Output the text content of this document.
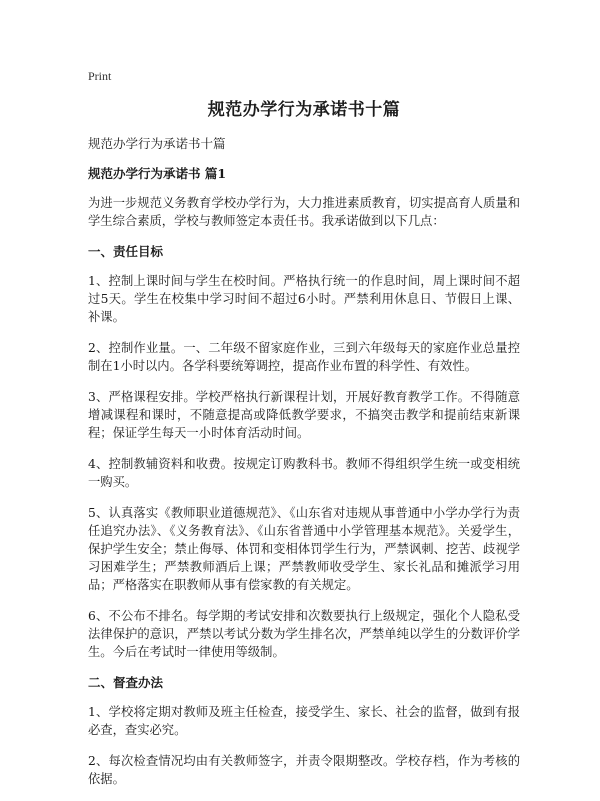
Print
规范办学行为承诺书十篇
规范办学行为承诺书十篇
规范办学行为承诺书 篇1

为进一步规范义务教育学校办学行为，大力推进素质教育，切实提高育人质量和学生综合素质，学校与教师签定本责任书。我承诺做到以下几点：

一、责任目标

1、控制上课时间与学生在校时间。严格执行统一的作息时间，周上课时间不超过5天。学生在校集中学习时间不超过6小时。严禁利用休息日、节假日上课、补课。

2、控制作业量。一、二年级不留家庭作业，三到六年级每天的家庭作业总量控制在1小时以内。各学科要统筹调控，提高作业布置的科学性、有效性。

3、严格课程安排。学校严格执行新课程计划，开展好教育教学工作。不得随意增减课程和课时，不随意提高或降低教学要求，不搞突击教学和提前结束新课程；保证学生每天一小时体育活动时间。

4、控制教辅资料和收费。按规定订购教科书。教师不得组织学生统一或变相统一购买。

5、认真落实《教师职业道德规范》、《山东省对违规从事普通中小学办学行为责任追究办法》、《义务教育法》、《山东省普通中小学管理基本规范》。关爱学生，保护学生安全；禁止侮辱、体罚和变相体罚学生行为，严禁讽刺、挖苦、歧视学习困难学生；严禁教师酒后上课；严禁教师收受学生、家长礼品和摊派学习用品；严格落实在职教师从事有偿家教的有关规定。

6、不公布不排名。每学期的考试安排和次数要执行上级规定，强化个人隐私受法律保护的意识，严禁以考试分数为学生排名次，严禁单纯以学生的分数评价学生。今后在考试时一律使用等级制。

二、督查办法

1、学校将定期对教师及班主任检查，接受学生、家长、社会的监督，做到有报必查，查实必究。

2、每次检查情况均由有关教师签字，并责令限期整改。学校存档，作为考核的依据。
